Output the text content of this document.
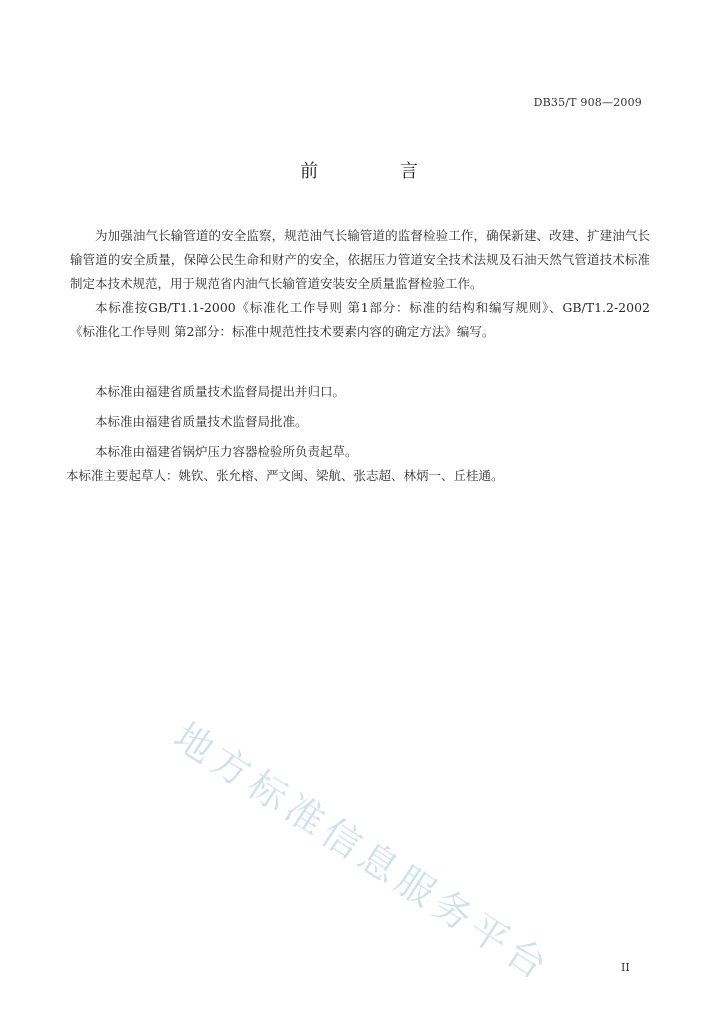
DB35/T 908—2009
前 言

为加强油气长输管道的安全监察，规范油气长输管道的监督检验工作，确保新建、改建、扩建油气长输管道的安全质量，保障公民生命和财产的安全，依据压力管道安全技术法规及石油天然气管道技术标准制定本技术规范，用于规范省内油气长输管道安装安全质量监督检验工作。

本标准按GB/T1.1-2000《标准化工作导则 第1部分：标准的结构和编写规则》、GB/T1.2-2002《标准化工作导则 第2部分：标准中规范性技术要素内容的确定方法》编写。

本标准由福建省质量技术监督局提出并归口。

本标准由福建省质量技术监督局批准。

本标准由福建省锅炉压力容器检验所负责起草。

本标准主要起草人：姚钦、张允榕、严文闽、梁航、张志超、林炳一、丘桂通。

地方标准信息服务平台	II
